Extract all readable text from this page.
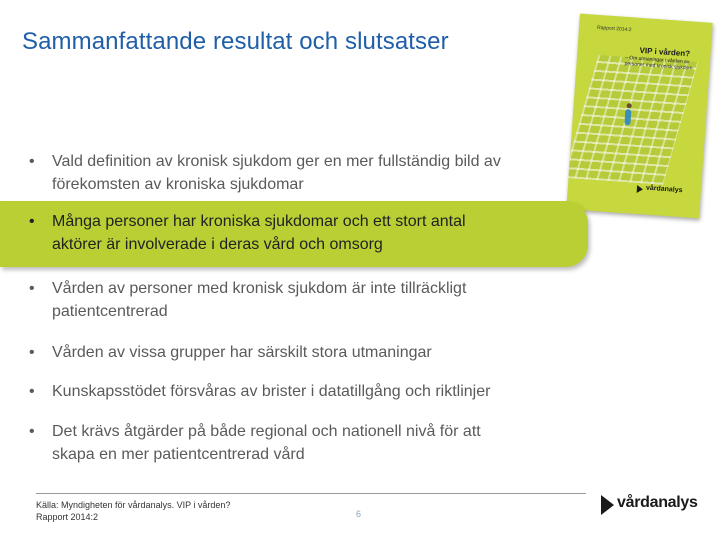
Sammanfattande resultat och slutsatser	Rapport 2014:2
VIP i vården?
– Om utmaningar i vården av personer med kronisk sjukdom
vårdanalys
• Vald definition av kronisk sjukdom ger en mer fullständig bild av
förekomsten av kroniska sjukdomar
• Många personer har kroniska sjukdomar och ett stort antal
aktörer är involverade i deras vård och omsorg
• Vården av personer med kronisk sjukdom är inte tillräckligt
patientcentrerad
• Vården av vissa grupper har särskilt stora utmaningar
• Kunskapsstödet försvåras av brister i datatillgång och riktlinjer
• Det krävs åtgärder på både regional och nationell nivå för att
skapa en mer patientcentrerad vård
Källa: Myndigheten för vårdanalys. VIP i vården?
Rapport 2014:2	6
vårdanalys
